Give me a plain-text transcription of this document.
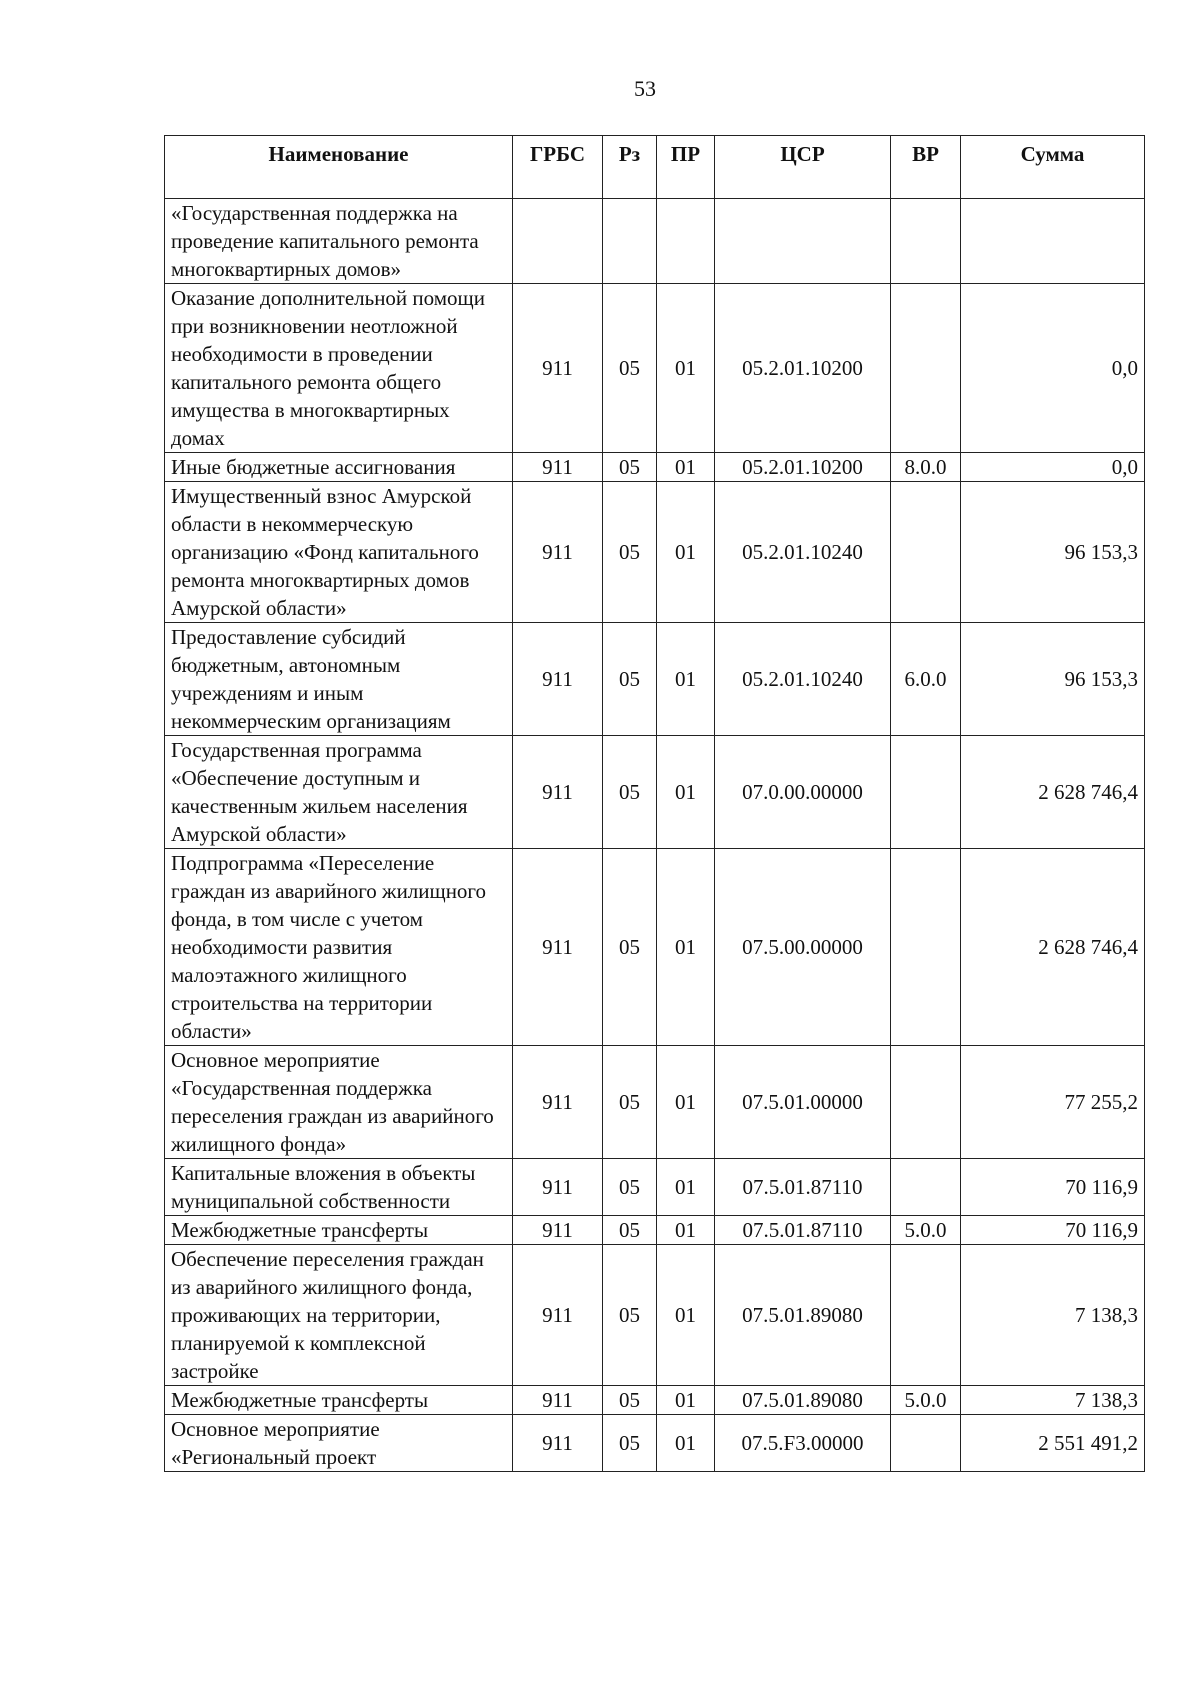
53
Наименование	ГРБС	Рз	ПР	ЦСР	ВР	Сумма
«Государственная поддержка на проведение капитального ремонта многоквартирных домов»						
Оказание дополнительной помощи при возникновении неотложной необходимости в проведении капитального ремонта общего имущества в многоквартирных домах	911	05	01	05.2.01.10200		0,0
Иные бюджетные ассигнования	911	05	01	05.2.01.10200	8.0.0	0,0
Имущественный взнос Амурской области в некоммерческую организацию «Фонд капитального ремонта многоквартирных домов Амурской области»	911	05	01	05.2.01.10240		96 153,3
Предоставление субсидий бюджетным, автономным учреждениям и иным некоммерческим организациям	911	05	01	05.2.01.10240	6.0.0	96 153,3
Государственная программа «Обеспечение доступным и качественным жильем населения Амурской области»	911	05	01	07.0.00.00000		2 628 746,4
Подпрограмма «Переселение граждан из аварийного жилищного фонда, в том числе с учетом необходимости развития малоэтажного жилищного строительства на территории области»	911	05	01	07.5.00.00000		2 628 746,4
Основное мероприятие «Государственная поддержка переселения граждан из аварийного жилищного фонда»	911	05	01	07.5.01.00000		77 255,2
Капитальные вложения в объекты муниципальной собственности	911	05	01	07.5.01.87110		70 116,9
Межбюджетные трансферты	911	05	01	07.5.01.87110	5.0.0	70 116,9
Обеспечение переселения граждан из аварийного жилищного фонда, проживающих на территории, планируемой к комплексной застройке	911	05	01	07.5.01.89080		7 138,3
Межбюджетные трансферты	911	05	01	07.5.01.89080	5.0.0	7 138,3
Основное мероприятие «Региональный проект	911	05	01	07.5.F3.00000		2 551 491,2
